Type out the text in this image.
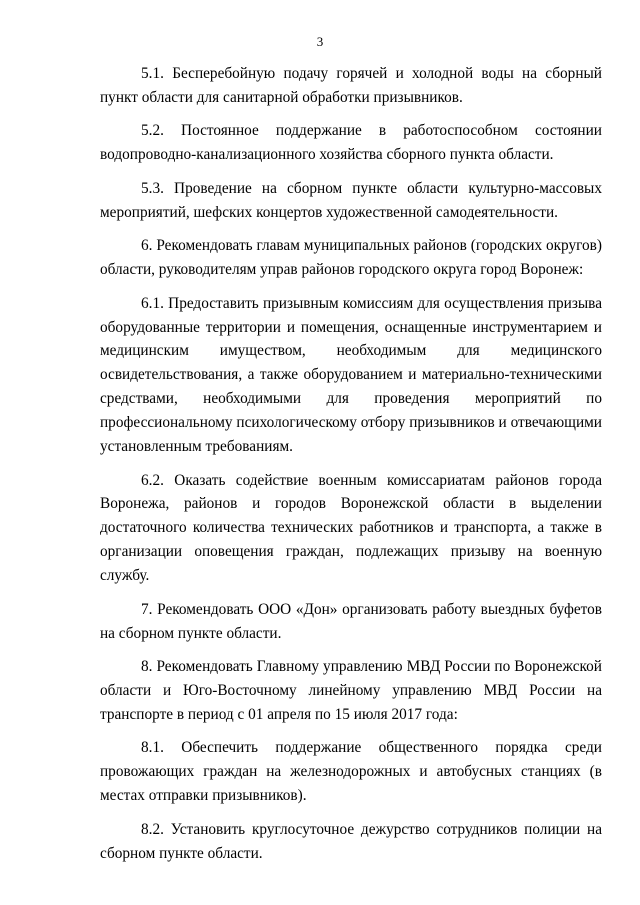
3

5.1. Бесперебойную подачу горячей и холодной воды на сборный пункт области для санитарной обработки призывников.

5.2. Постоянное поддержание в работоспособном состоянии водопроводно-канализационного хозяйства сборного пункта области.

5.3. Проведение на сборном пункте области культурно-массовых мероприятий, шефских концертов художественной самодеятельности.

6. Рекомендовать главам муниципальных районов (городских округов) области, руководителям управ районов городского округа город Воронеж:

6.1. Предоставить призывным комиссиям для осуществления призыва оборудованные территории и помещения, оснащенные инструментарием и медицинским имуществом, необходимым для медицинского освидетельствования, а также оборудованием и материально-техническими средствами, необходимыми для проведения мероприятий по профессиональному психологическому отбору призывников и отвечающими установленным требованиям.

6.2. Оказать содействие военным комиссариатам районов города Воронежа, районов и городов Воронежской области в выделении достаточного количества технических работников и транспорта, а также в организации оповещения граждан, подлежащих призыву на военную службу.

7. Рекомендовать ООО «Дон» организовать работу выездных буфетов на сборном пункте области.

8. Рекомендовать Главному управлению МВД России по Воронежской области и Юго-Восточному линейному управлению МВД России на транспорте в период с 01 апреля по 15 июля 2017 года:

8.1. Обеспечить поддержание общественного порядка среди провожающих граждан на железнодорожных и автобусных станциях (в местах отправки призывников).

8.2. Установить круглосуточное дежурство сотрудников полиции на сборном пункте области.
